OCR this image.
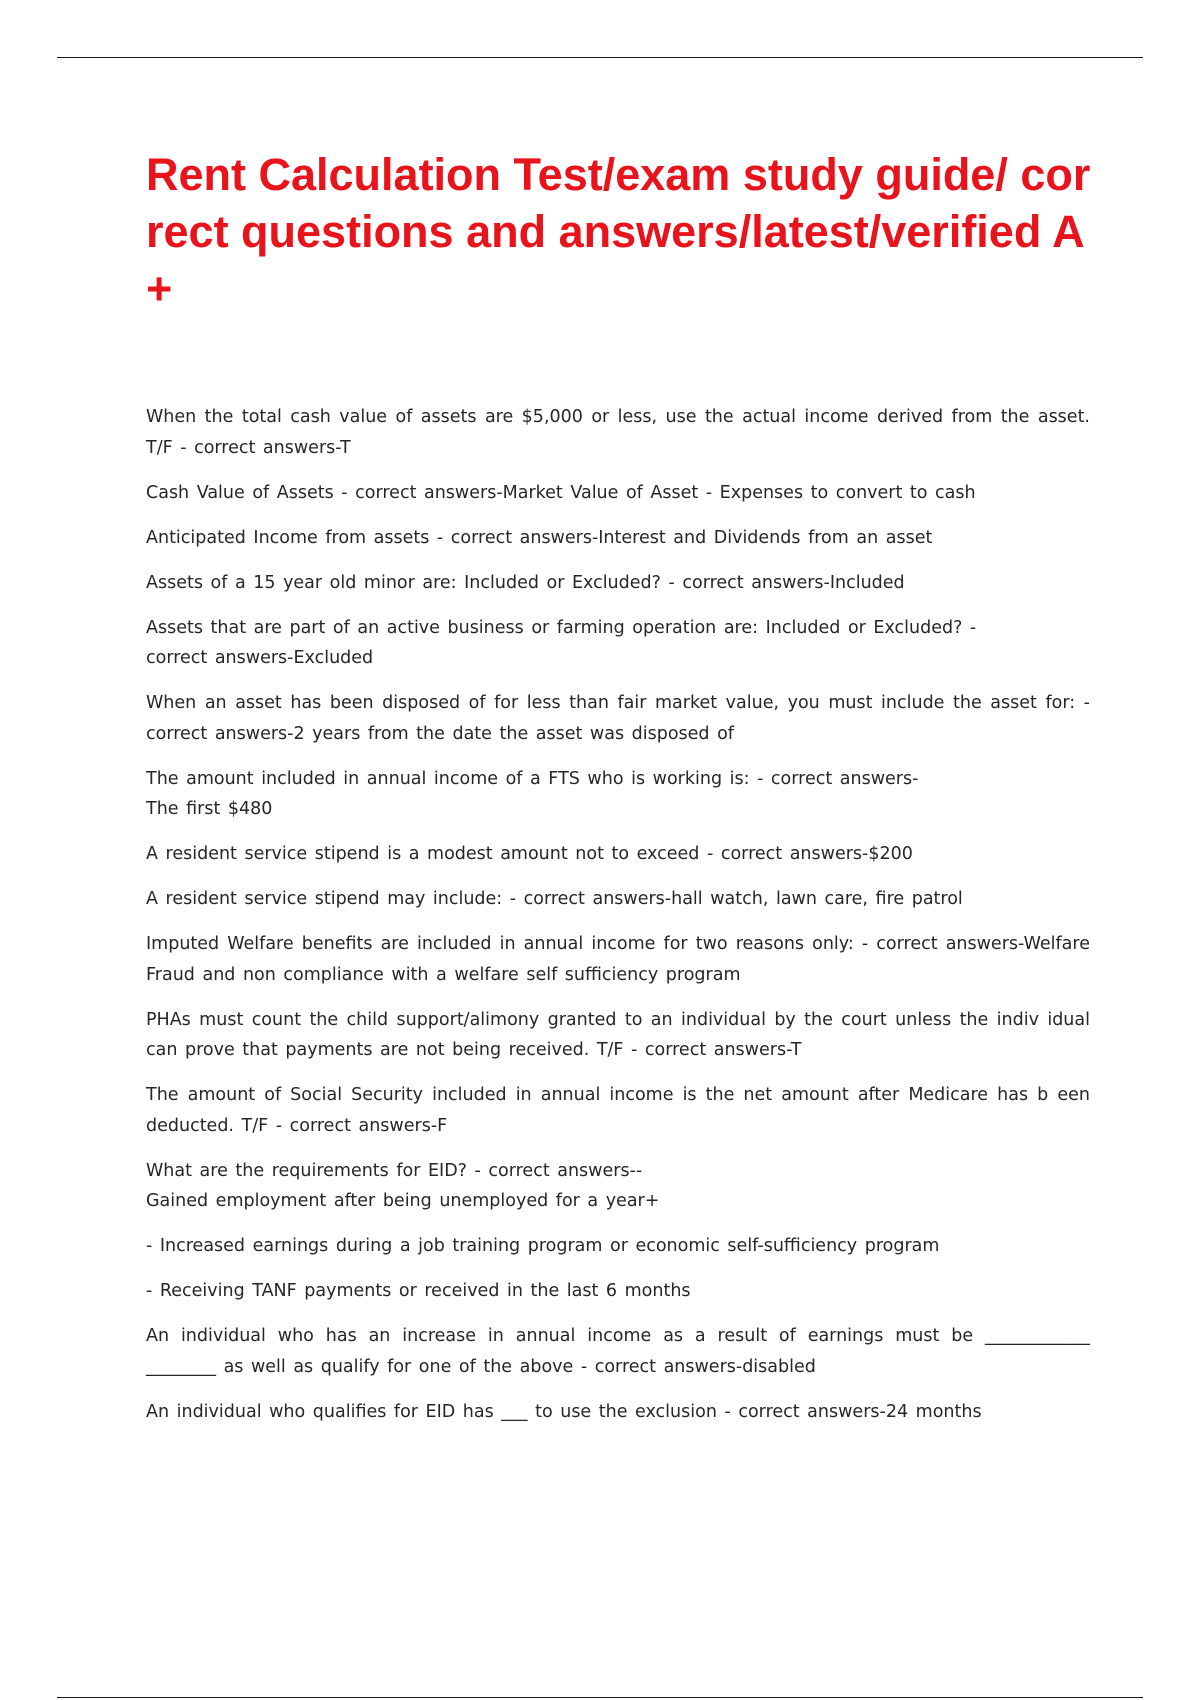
Rent Calculation Test/exam study guide/ correct questions and answers/latest/verified A+

When the total cash value of assets are $5,000 or less, use the actual income derived from the asset. T/F - correct answers-T

Cash Value of Assets - correct answers-Market Value of Asset - Expenses to convert to cash

Anticipated Income from assets - correct answers-Interest and Dividends from an asset

Assets of a 15 year old minor are: Included or Excluded? - correct answers-Included

Assets that are part of an active business or farming operation are: Included or Excluded? -
correct answers-Excluded

When an asset has been disposed of for less than fair market value, you must include the asset for: - correct answers-2 years from the date the asset was disposed of

The amount included in annual income of a FTS who is working is: - correct answers-
The first $480

A resident service stipend is a modest amount not to exceed - correct answers-$200

A resident service stipend may include: - correct answers-hall watch, lawn care, fire patrol

Imputed Welfare benefits are included in annual income for two reasons only: - correct answers-Welfare Fraud and non compliance with a welfare self sufficiency program

PHAs must count the child support/alimony granted to an individual by the court unless the indiv idual can prove that payments are not being received. T/F - correct answers-T

The amount of Social Security included in annual income is the net amount after Medicare has b een deducted. T/F - correct answers-F

What are the requirements for EID? - correct answers--
Gained employment after being unemployed for a year+

- Increased earnings during a job training program or economic self-sufficiency program

- Receiving TANF payments or received in the last 6 months

An individual who has an increase in annual income as a result of earnings must be ____________ ________ as well as qualify for one of the above - correct answers-disabled

An individual who qualifies for EID has ___ to use the exclusion - correct answers-24 months
